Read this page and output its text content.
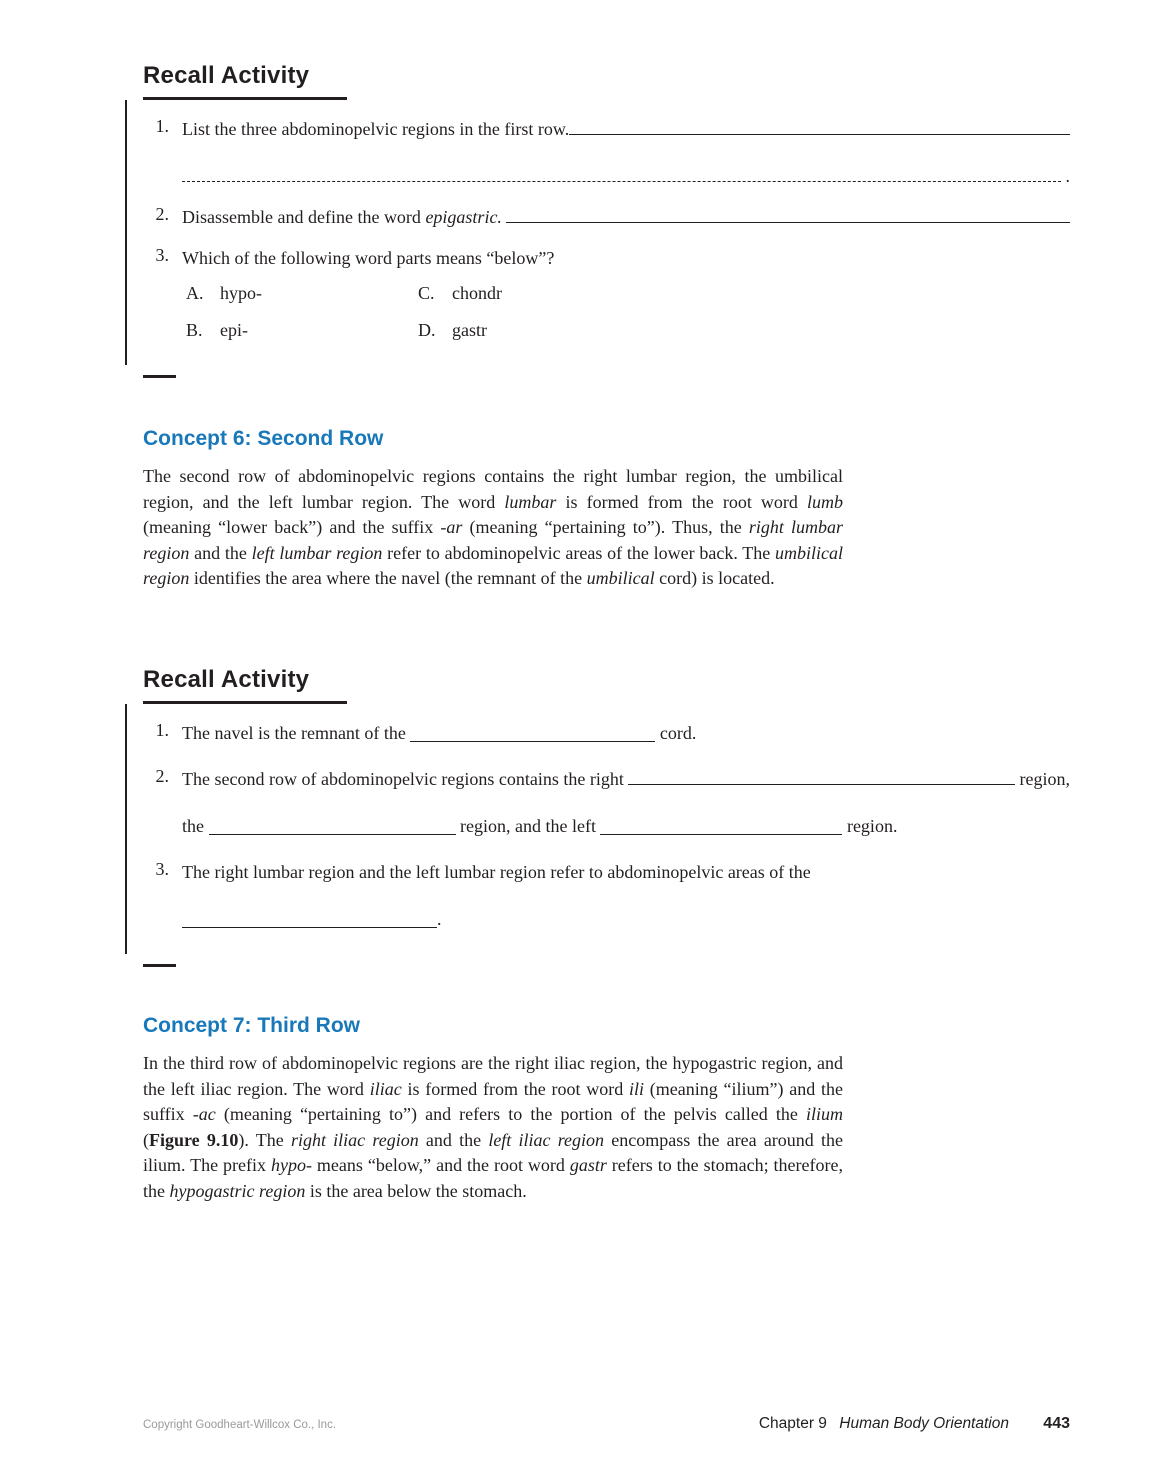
Recall Activity
1. List the three abdominopelvic regions in the first row.
.
2. Disassemble and define the word epigastric.

3. Which of the following word parts means “below”?
A. hypo-	C. chondr
B. epi-	D. gastr
Concept 6: Second Row

The second row of abdominopelvic regions contains the right lumbar region, the umbilical region, and the left lumbar region. The word lumbar is formed from the root word lumb (meaning “lower back”) and the suffix -ar (meaning “pertaining to”). Thus, the right lumbar region and the left lumbar region refer to abdominopelvic areas of the lower back. The umbilical region identifies the area where the navel (the remnant of the umbilical cord) is located.

Recall Activity
1. The navel is the remnant of the	cord.
2. The second row of abdominopelvic regions contains the right	region,
the	region, and the left	region.
3. The right lumbar region and the left lumbar region refer to abdominopelvic areas of the
.
Concept 7: Third Row

In the third row of abdominopelvic regions are the right iliac region, the hypogastric region, and the left iliac region. The word iliac is formed from the root word ili (meaning “ilium”) and the suffix -ac (meaning “pertaining to”) and refers to the portion of the pelvis called the ilium (Figure 9.10). The right iliac region and the left iliac region encompass the area around the ilium. The prefix hypo- means “below,” and the root word gastr refers to the stomach; therefore, the hypogastric region is the area below the stomach.

Copyright Goodheart-Willcox Co., Inc.	Chapter 9 Human Body Orientation 443
